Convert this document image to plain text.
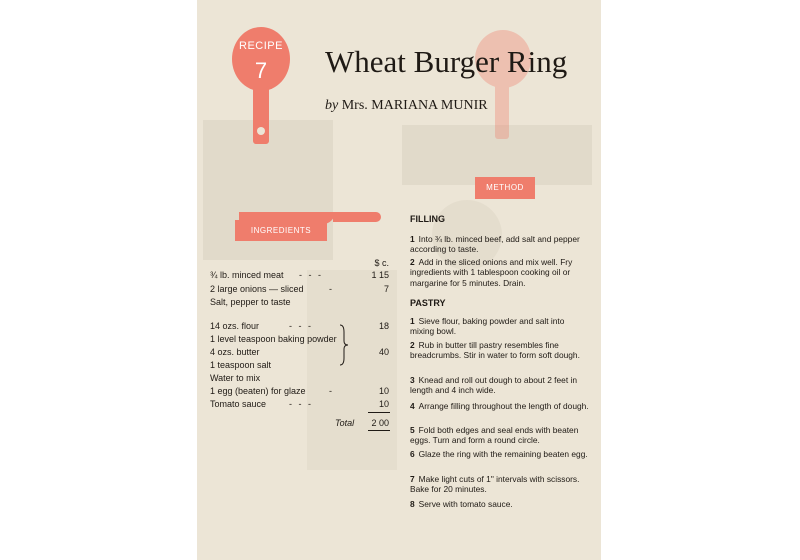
RECIPE
7	Wheat Burger Ring
by Mrs. MARIANA MUNIR
METHOD
INGREDIENTS
$ c.
¾ lb. minced meat - - -	1 15
2 large onions — sliced	-	7
Salt, pepper to taste
14 ozs. flour	- - -	18
1 level teaspoon baking powder
4 ozs. butter	40
1 teaspoon salt
Water to mix
1 egg (beaten) for glaze	-	10
Tomato sauce	- - -	10
Total	2 00
FILLING
1 Into ¾ lb. minced beef, add salt and pepper according to taste.
2 Add in the sliced onions and mix well. Fry ingredients with 1 tablespoon cooking oil or margarine for 5 minutes. Drain.
PASTRY
1 Sieve flour, baking powder and salt into mixing bowl.
2 Rub in butter till pastry resembles fine breadcrumbs. Stir in water to form soft dough.
3 Knead and roll out dough to about 2 feet in length and 4 inch wide.
4 Arrange filling throughout the length of dough.
5 Fold both edges and seal ends with beaten eggs. Turn and form a round circle.
6 Glaze the ring with the remaining beaten egg.
7 Make light cuts of 1" intervals with scissors. Bake for 20 minutes.
8 Serve with tomato sauce.
